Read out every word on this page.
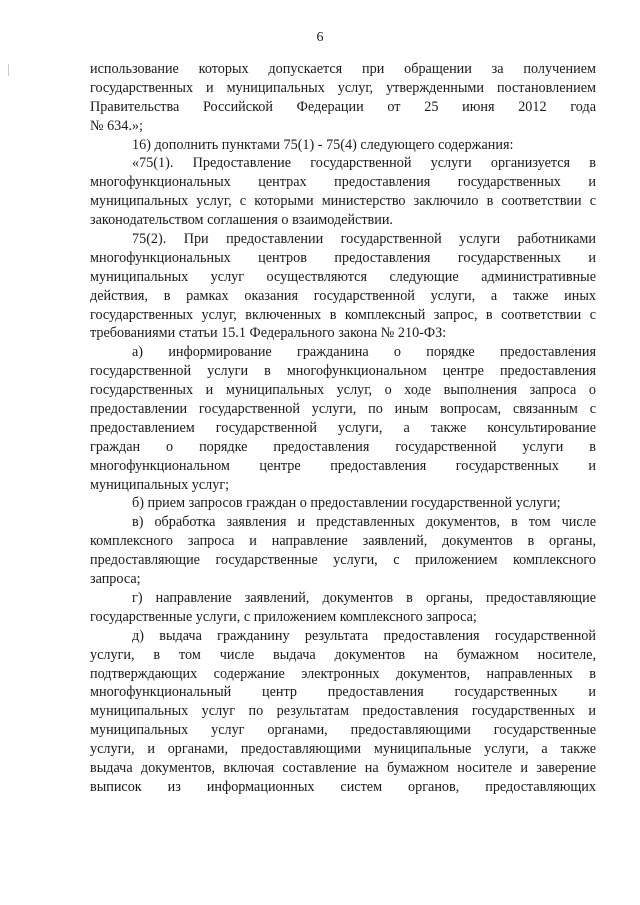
6
использование которых допускается при обращении за получением
государственных и муниципальных услуг, утвержденными постановлением
Правительства Российской Федерации от 25 июня 2012 года
№ 634.»;
16) дополнить пунктами 75(1) - 75(4) следующего содержания:
«75(1). Предоставление государственной услуги организуется в
многофункциональных центрах предоставления государственных и
муниципальных услуг, с которыми министерство заключило в соответствии с
законодательством соглашения о взаимодействии.
75(2). При предоставлении государственной услуги работниками
многофункциональных центров предоставления государственных и
муниципальных услуг осуществляются следующие административные
действия, в рамках оказания государственной услуги, а также иных
государственных услуг, включенных в комплексный запрос, в соответствии с
требованиями статьи 15.1 Федерального закона № 210-ФЗ:
а) информирование гражданина о порядке предоставления
государственной услуги в многофункциональном центре предоставления
государственных и муниципальных услуг, о ходе выполнения запроса о
предоставлении государственной услуги, по иным вопросам, связанным с
предоставлением государственной услуги, а также консультирование
граждан о порядке предоставления государственной услуги в
многофункциональном центре предоставления государственных и
муниципальных услуг;
б) прием запросов граждан о предоставлении государственной услуги;
в) обработка заявления и представленных документов, в том числе
комплексного запроса и направление заявлений, документов в органы,
предоставляющие государственные услуги, с приложением комплексного
запроса;
г) направление заявлений, документов в органы, предоставляющие
государственные услуги, с приложением комплексного запроса;
д) выдача гражданину результата предоставления государственной
услуги, в том числе выдача документов на бумажном носителе,
подтверждающих содержание электронных документов, направленных в
многофункциональный центр предоставления государственных и
муниципальных услуг по результатам предоставления государственных и
муниципальных услуг органами, предоставляющими государственные
услуги, и органами, предоставляющими муниципальные услуги, а также
выдача документов, включая составление на бумажном носителе и заверение
выписок из информационных систем органов, предоставляющих
